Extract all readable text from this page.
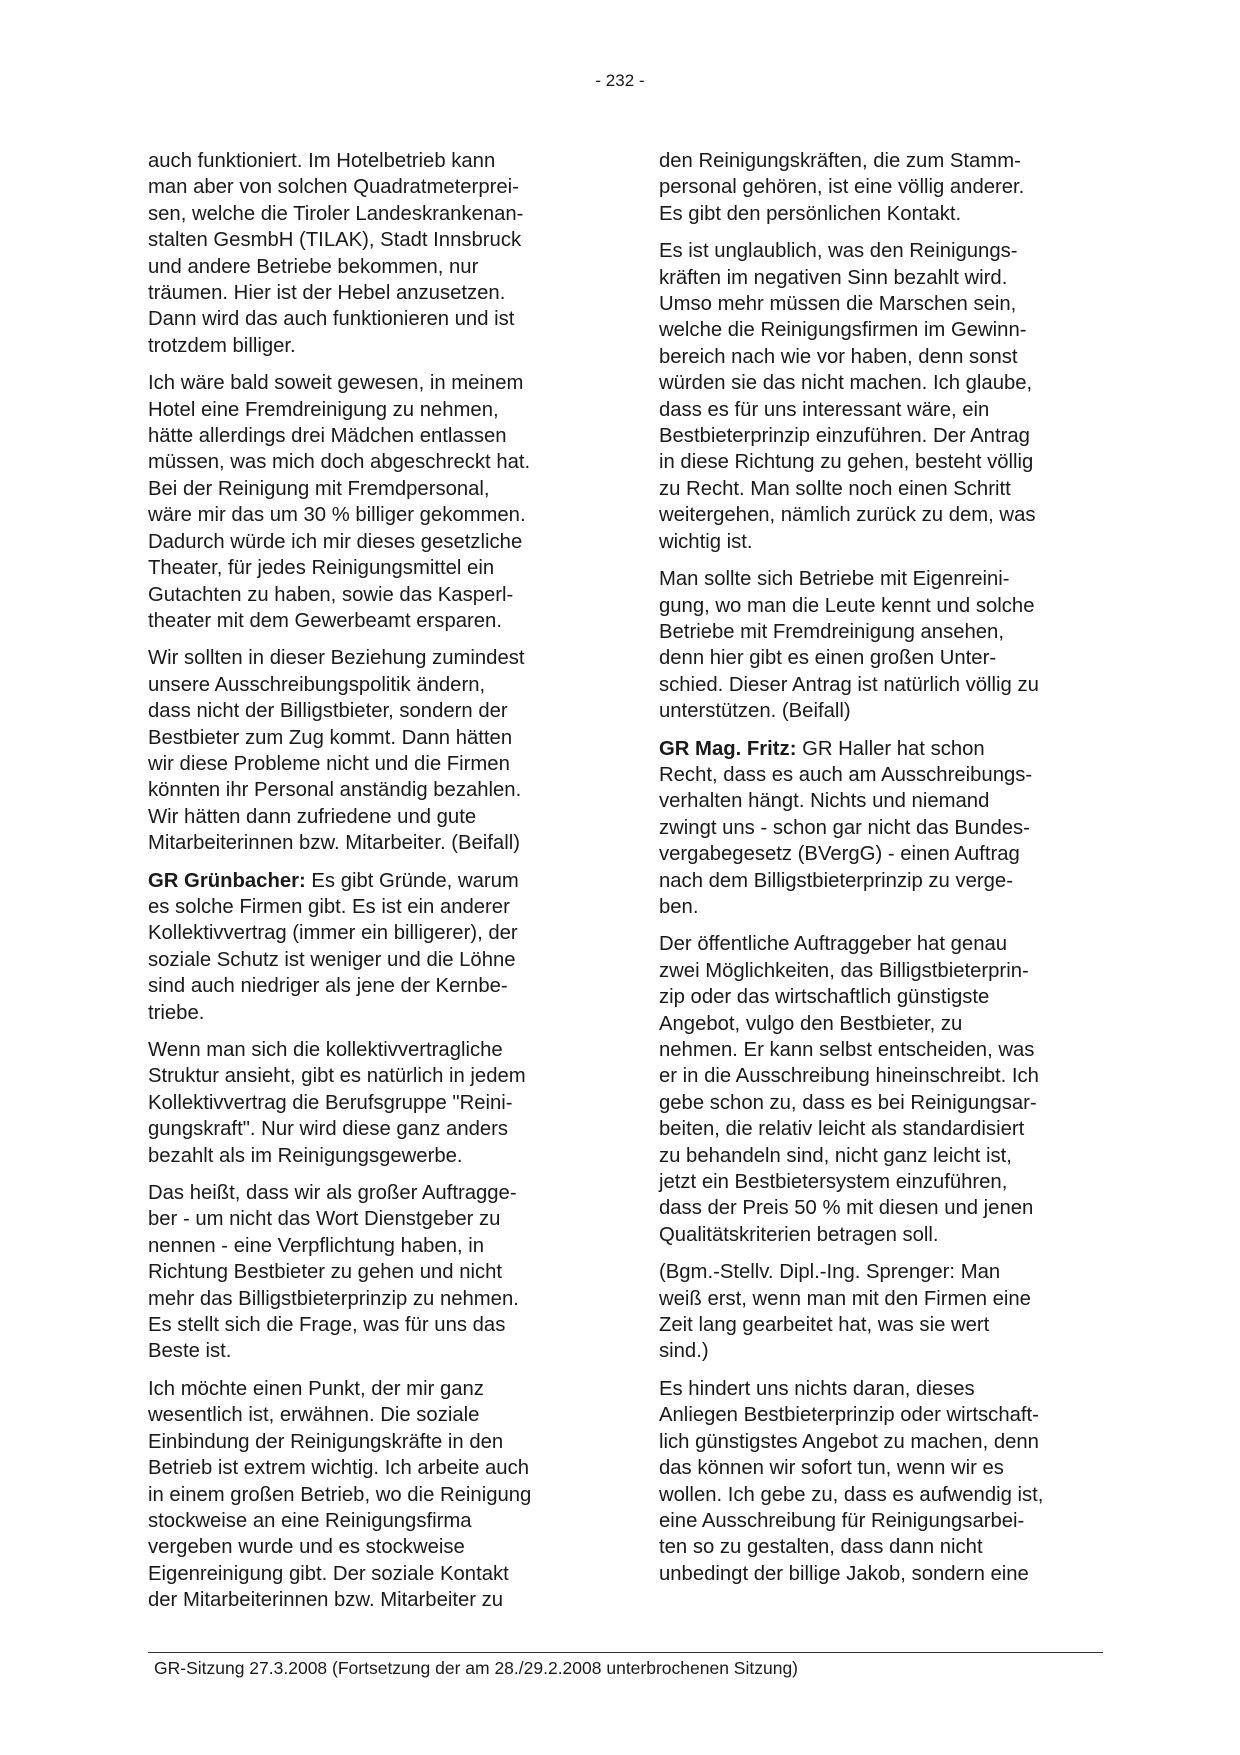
- 232 -
auch funktioniert. Im Hotelbetrieb kann
man aber von solchen Quadratmeterprei-
sen, welche die Tiroler Landeskrankenan-
stalten GesmbH (TILAK), Stadt Innsbruck
und andere Betriebe bekommen, nur
träumen. Hier ist der Hebel anzusetzen.
Dann wird das auch funktionieren und ist
trotzdem billiger.
Ich wäre bald soweit gewesen, in meinem
Hotel eine Fremdreinigung zu nehmen,
hätte allerdings drei Mädchen entlassen
müssen, was mich doch abgeschreckt hat.
Bei der Reinigung mit Fremdpersonal,
wäre mir das um 30 % billiger gekommen.
Dadurch würde ich mir dieses gesetzliche
Theater, für jedes Reinigungsmittel ein
Gutachten zu haben, sowie das Kasperl-
theater mit dem Gewerbeamt ersparen.
Wir sollten in dieser Beziehung zumindest
unsere Ausschreibungspolitik ändern,
dass nicht der Billigstbieter, sondern der
Bestbieter zum Zug kommt. Dann hätten
wir diese Probleme nicht und die Firmen
könnten ihr Personal anständig bezahlen.
Wir hätten dann zufriedene und gute
Mitarbeiterinnen bzw. Mitarbeiter. (Beifall)
GR Grünbacher: Es gibt Gründe, warum
es solche Firmen gibt. Es ist ein anderer
Kollektivvertrag (immer ein billigerer), der
soziale Schutz ist weniger und die Löhne
sind auch niedriger als jene der Kernbe-
triebe.
Wenn man sich die kollektivvertragliche
Struktur ansieht, gibt es natürlich in jedem
Kollektivvertrag die Berufsgruppe "Reini-
gungskraft". Nur wird diese ganz anders
bezahlt als im Reinigungsgewerbe.
Das heißt, dass wir als großer Auftragge-
ber - um nicht das Wort Dienstgeber zu
nennen - eine Verpflichtung haben, in
Richtung Bestbieter zu gehen und nicht
mehr das Billigstbieterprinzip zu nehmen.
Es stellt sich die Frage, was für uns das
Beste ist.
Ich möchte einen Punkt, der mir ganz
wesentlich ist, erwähnen. Die soziale
Einbindung der Reinigungskräfte in den
Betrieb ist extrem wichtig. Ich arbeite auch
in einem großen Betrieb, wo die Reinigung
stockweise an eine Reinigungsfirma
vergeben wurde und es stockweise
Eigenreinigung gibt. Der soziale Kontakt
der Mitarbeiterinnen bzw. Mitarbeiter zu
den Reinigungskräften, die zum Stamm-
personal gehören, ist eine völlig anderer.
Es gibt den persönlichen Kontakt.
Es ist unglaublich, was den Reinigungs-
kräften im negativen Sinn bezahlt wird.
Umso mehr müssen die Marschen sein,
welche die Reinigungsfirmen im Gewinn-
bereich nach wie vor haben, denn sonst
würden sie das nicht machen. Ich glaube,
dass es für uns interessant wäre, ein
Bestbieterprinzip einzuführen. Der Antrag
in diese Richtung zu gehen, besteht völlig
zu Recht. Man sollte noch einen Schritt
weitergehen, nämlich zurück zu dem, was
wichtig ist.
Man sollte sich Betriebe mit Eigenreini-
gung, wo man die Leute kennt und solche
Betriebe mit Fremdreinigung ansehen,
denn hier gibt es einen großen Unter-
schied. Dieser Antrag ist natürlich völlig zu
unterstützen. (Beifall)
GR Mag. Fritz: GR Haller hat schon
Recht, dass es auch am Ausschreibungs-
verhalten hängt. Nichts und niemand
zwingt uns - schon gar nicht das Bundes-
vergabegesetz (BVergG) - einen Auftrag
nach dem Billigstbieterprinzip zu verge-
ben.
Der öffentliche Auftraggeber hat genau
zwei Möglichkeiten, das Billigstbieterprin-
zip oder das wirtschaftlich günstigste
Angebot, vulgo den Bestbieter, zu
nehmen. Er kann selbst entscheiden, was
er in die Ausschreibung hineinschreibt. Ich
gebe schon zu, dass es bei Reinigungsar-
beiten, die relativ leicht als standardisiert
zu behandeln sind, nicht ganz leicht ist,
jetzt ein Bestbietersystem einzuführen,
dass der Preis 50 % mit diesen und jenen
Qualitätskriterien betragen soll.
(Bgm.-Stellv. Dipl.-Ing. Sprenger: Man
weiß erst, wenn man mit den Firmen eine
Zeit lang gearbeitet hat, was sie wert
sind.)
Es hindert uns nichts daran, dieses
Anliegen Bestbieterprinzip oder wirtschaft-
lich günstigstes Angebot zu machen, denn
das können wir sofort tun, wenn wir es
wollen. Ich gebe zu, dass es aufwendig ist,
eine Ausschreibung für Reinigungsarbei-
ten so zu gestalten, dass dann nicht
unbedingt der billige Jakob, sondern eine
GR-Sitzung 27.3.2008 (Fortsetzung der am 28./29.2.2008 unterbrochenen Sitzung)
